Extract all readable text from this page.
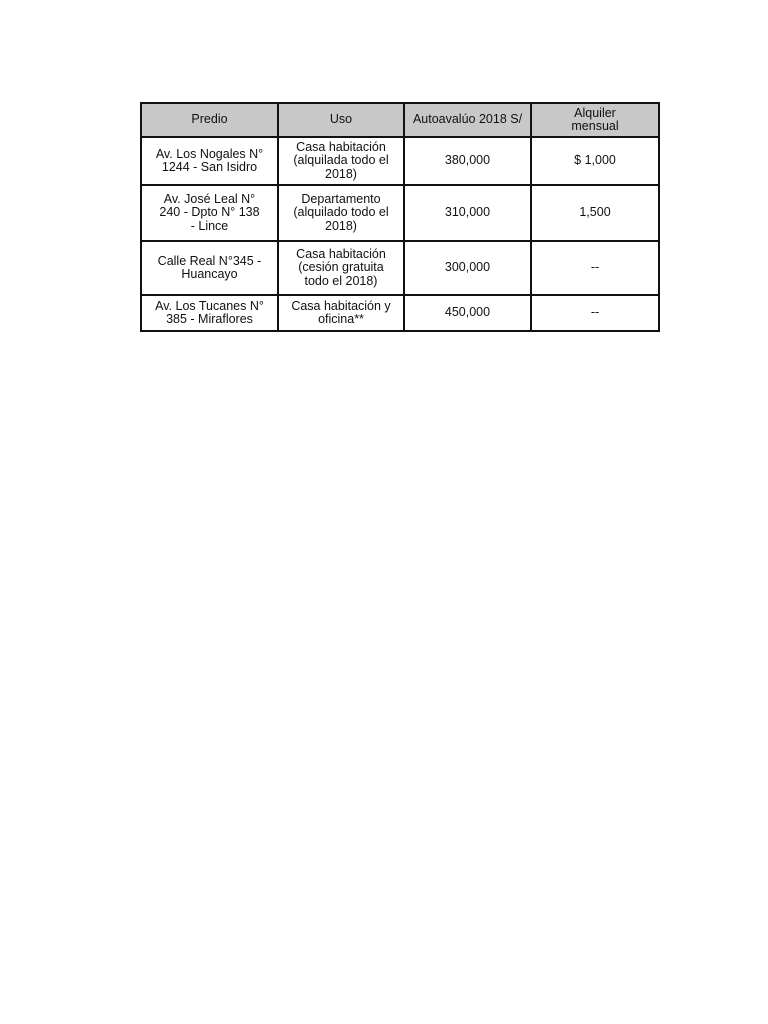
Predio	Uso	Autoavalúo 2018 S/	Alquiler
mensual
Av. Los Nogales N°
1244 - San Isidro	Casa habitación
(alquilada todo el
2018)	380,000	$ 1,000
Av. José Leal N°
240 - Dpto N° 138
- Lince	Departamento
(alquilado todo el
2018)	310,000	1,500
Calle Real N°345 -
Huancayo	Casa habitación
(cesión gratuita
todo el 2018)	300,000	--
Av. Los Tucanes N°
385 - Miraflores	Casa habitación y
oficina**	450,000	--
